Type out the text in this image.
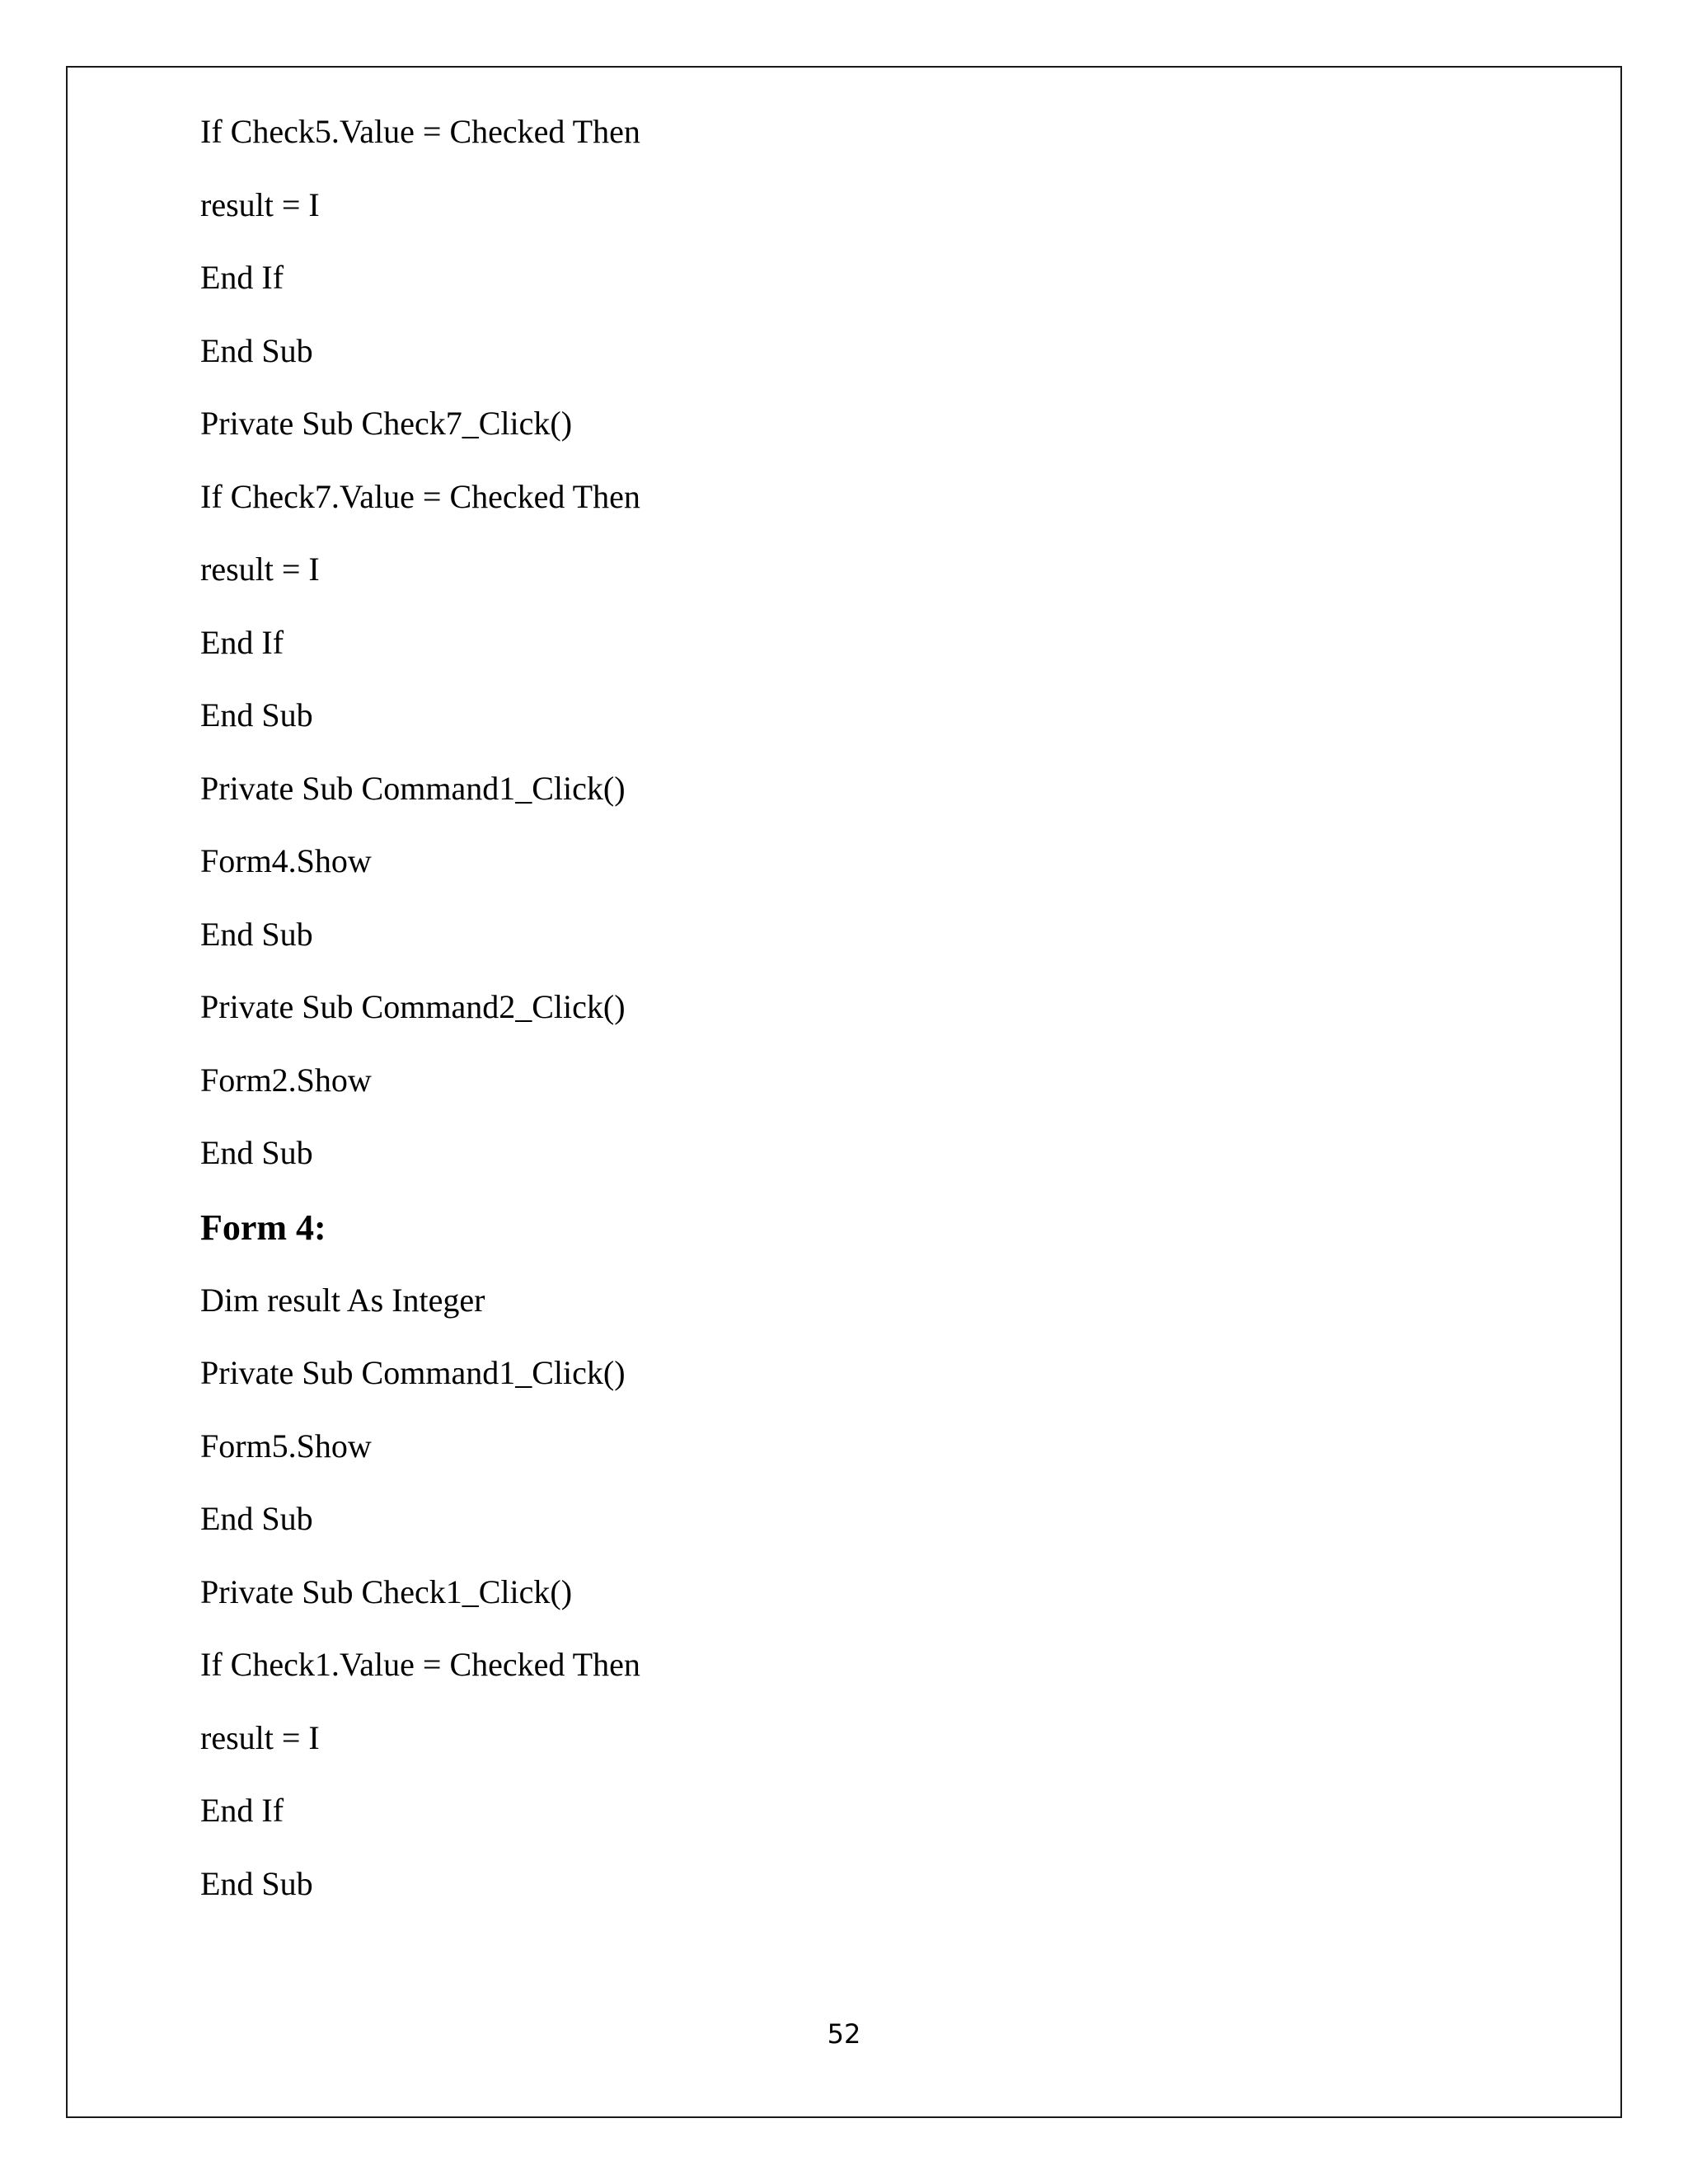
If Check5.Value = Checked Then
result = I
End If
End Sub
Private Sub Check7_Click()
If Check7.Value = Checked Then
result = I
End If
End Sub
Private Sub Command1_Click()
Form4.Show
End Sub
Private Sub Command2_Click()
Form2.Show
End Sub
Form 4:
Dim result As Integer
Private Sub Command1_Click()
Form5.Show
End Sub
Private Sub Check1_Click()
If Check1.Value = Checked Then
result = I
End If
End Sub
52
